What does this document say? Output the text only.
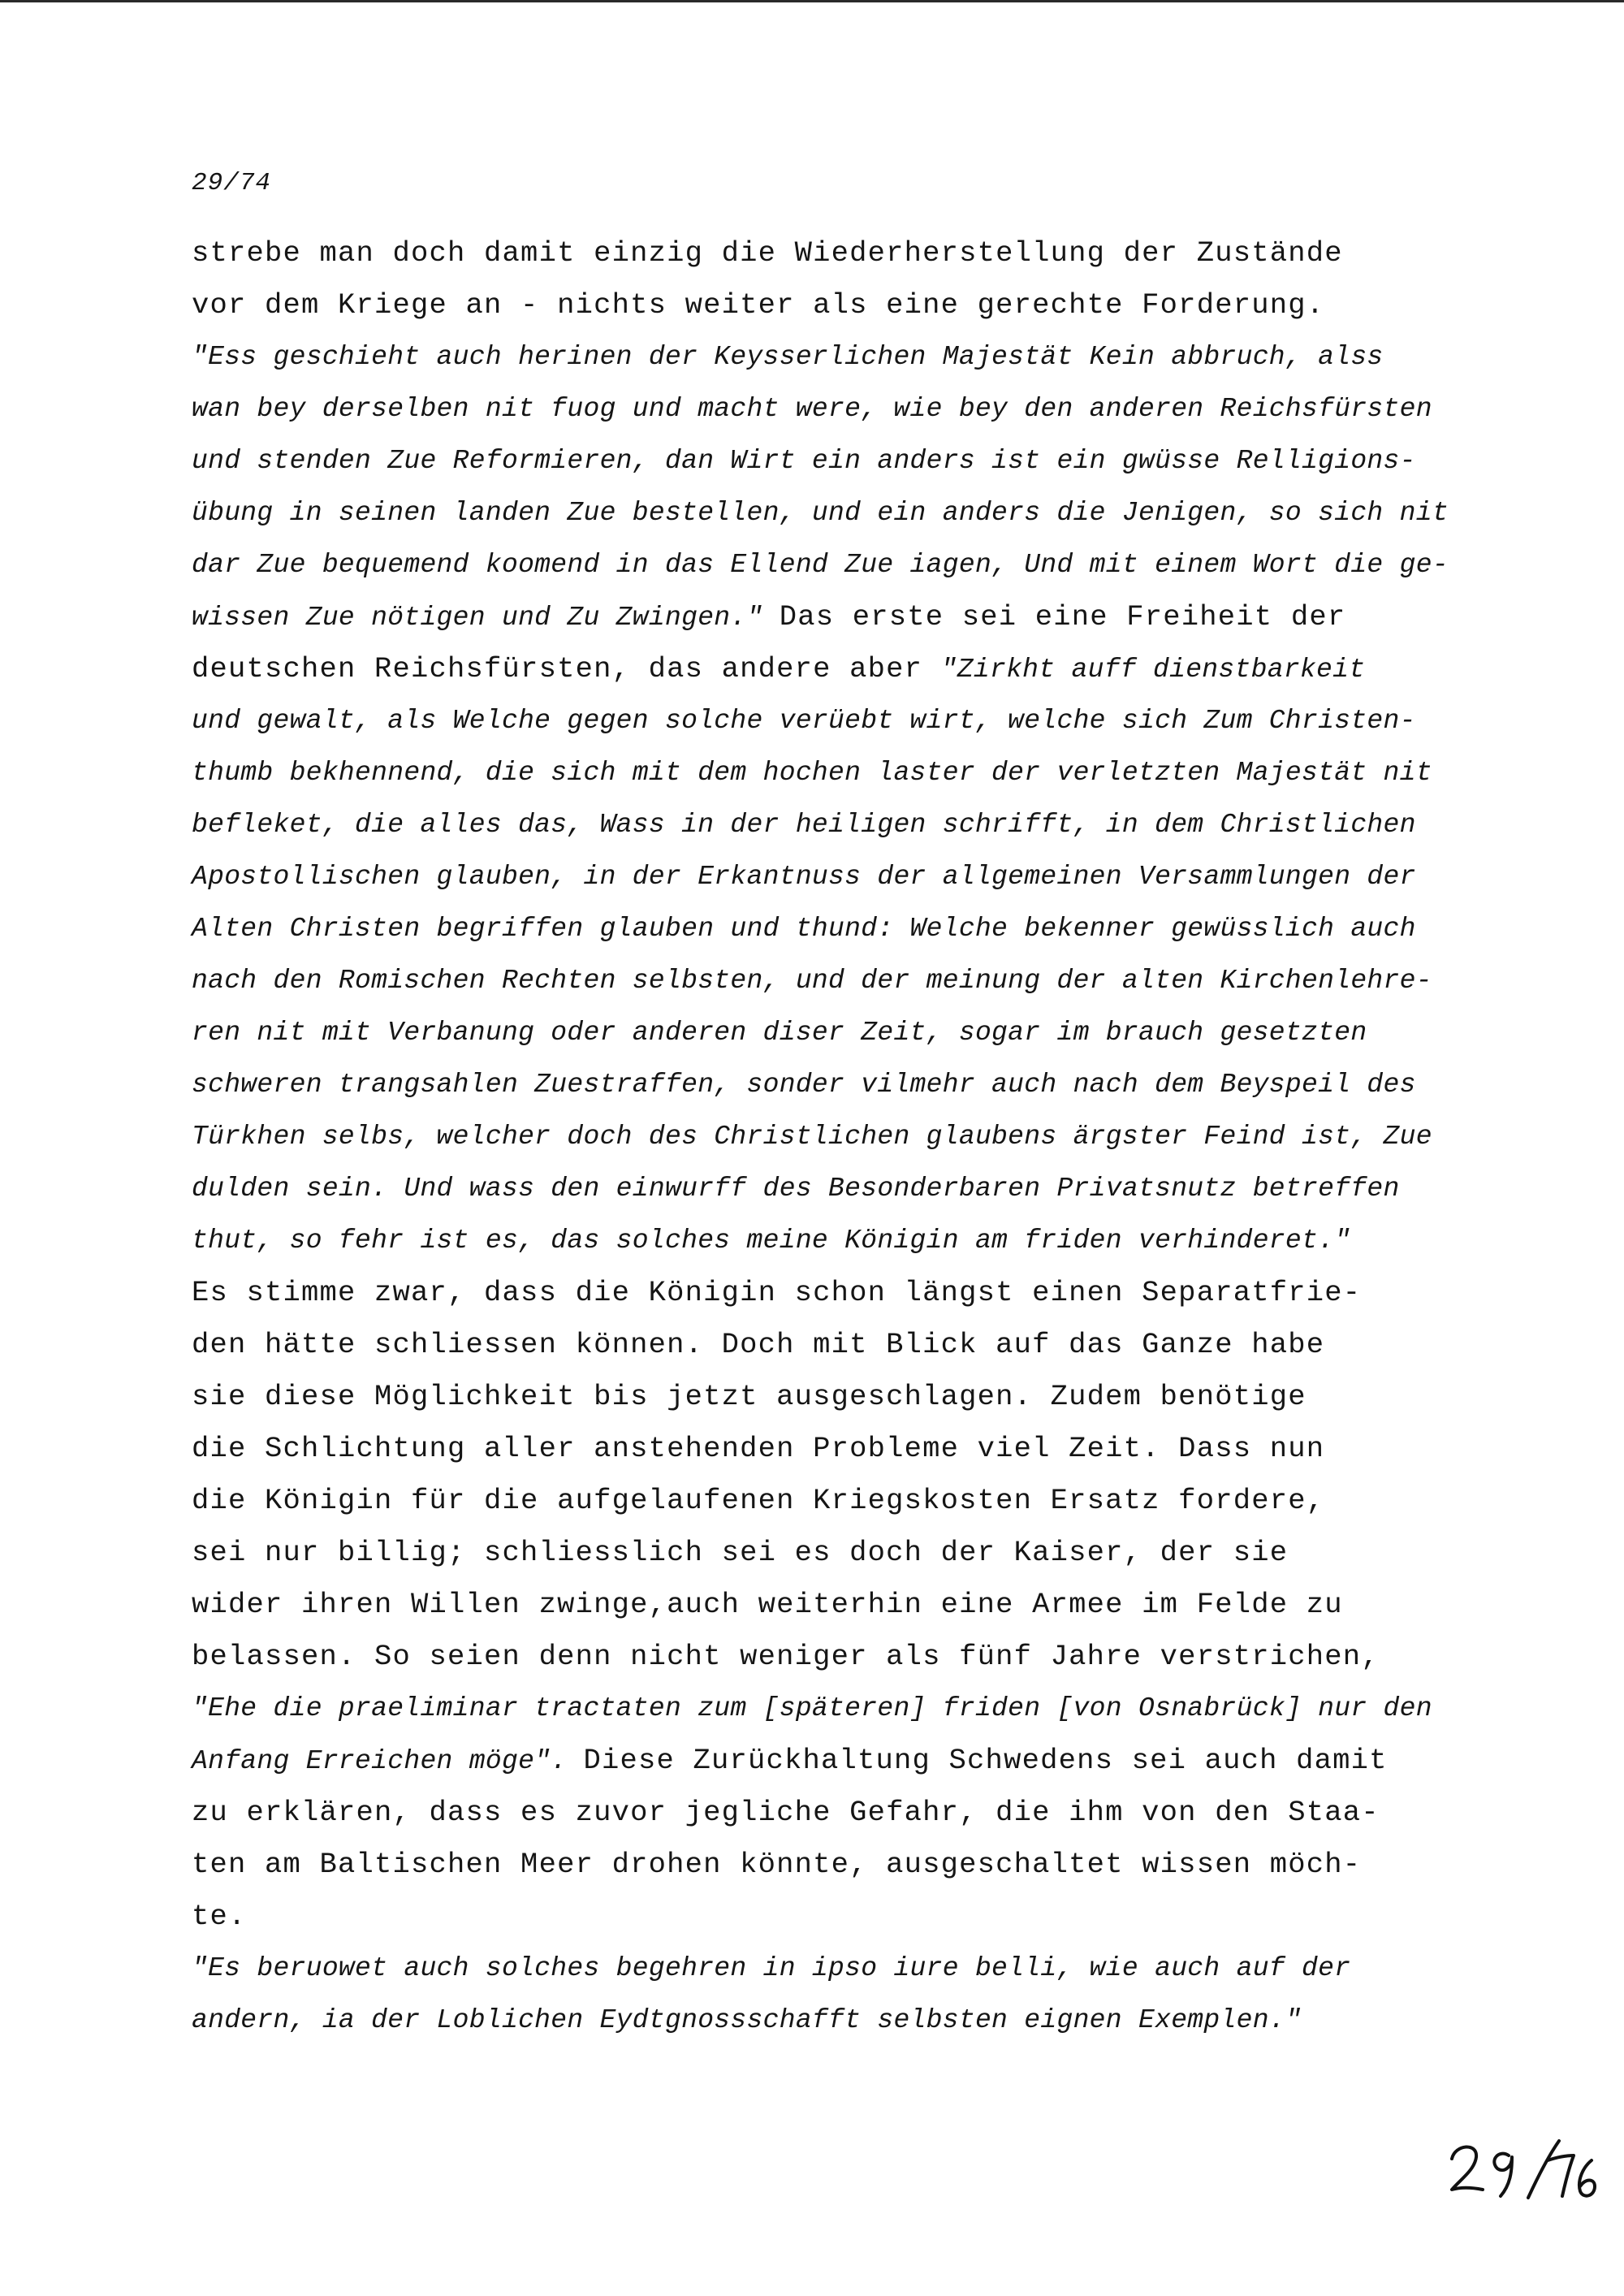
29/74
strebe man doch damit einzig die Wiederherstellung der Zustände
vor dem Kriege an - nichts weiter als eine gerechte Forderung.
"Ess geschieht auch herinen der Keysserlichen Majestät Kein abbruch, alss
wan bey derselben nit fuog und macht were, wie bey den anderen Reichsfürsten
und stenden Zue Reformieren, dan Wirt ein anders ist ein gwüsse Relligions-
übung in seinen landen Zue bestellen, und ein anders die Jenigen, so sich nit
dar Zue bequemend koomend in das Ellend Zue iagen, Und mit einem Wort die ge-
wissen Zue nötigen und Zu Zwingen." Das erste sei eine Freiheit der
deutschen Reichsfürsten, das andere aber "Zirkht auff dienstbarkeit
und gewalt, als Welche gegen solche verüebt wirt, welche sich Zum Christen-
thumb bekhennend, die sich mit dem hochen laster der verletzten Majestät nit
befleket, die alles das, Wass in der heiligen schrifft, in dem Christlichen
Apostollischen glauben, in der Erkantnuss der allgemeinen Versammlungen der
Alten Christen begriffen glauben und thund: Welche bekenner gewüsslich auch
nach den Romischen Rechten selbsten, und der meinung der alten Kirchenlehre-
ren nit mit Verbanung oder anderen diser Zeit, sogar im brauch gesetzten
schweren trangsahlen Zuestraffen, sonder vilmehr auch nach dem Beyspeil des
Türkhen selbs, welcher doch des Christlichen glaubens ärgster Feind ist, Zue
dulden sein. Und wass den einwurff des Besonderbaren Privatsnutz betreffen
thut, so fehr ist es, das solches meine Königin am friden verhinderet."
Es stimme zwar, dass die Königin schon längst einen Separatfrie-
den hätte schliessen können. Doch mit Blick auf das Ganze habe
sie diese Möglichkeit bis jetzt ausgeschlagen. Zudem benötige
die Schlichtung aller anstehenden Probleme viel Zeit. Dass nun
die Königin für die aufgelaufenen Kriegskosten Ersatz fordere,
sei nur billig; schliesslich sei es doch der Kaiser, der sie
wider ihren Willen zwinge,auch weiterhin eine Armee im Felde zu
belassen. So seien denn nicht weniger als fünf Jahre verstrichen,
"Ehe die praeliminar tractaten zum [späteren] friden [von Osnabrück] nur den
Anfang Erreichen möge". Diese Zurückhaltung Schwedens sei auch damit
zu erklären, dass es zuvor jegliche Gefahr, die ihm von den Staa-
ten am Baltischen Meer drohen könnte, ausgeschaltet wissen möch-
te.
"Es beruowet auch solches begehren in ipso iure belli, wie auch auf der
andern, ia der Loblichen Eydtgnossschafft selbsten eignen Exemplen."
